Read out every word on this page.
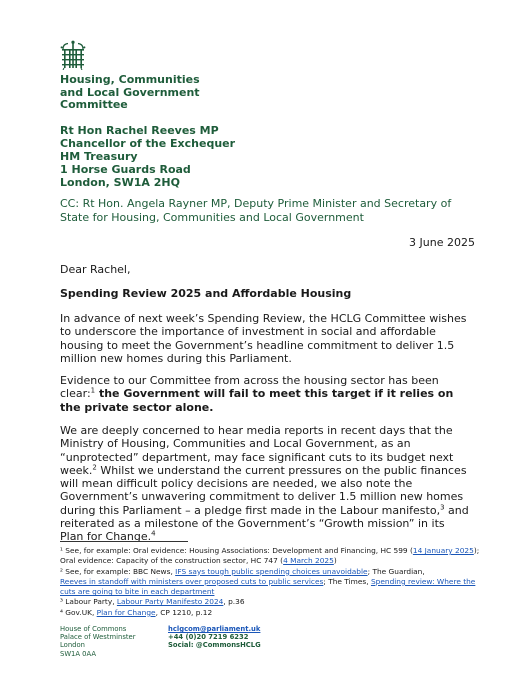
Housing, Communities
and Local Government
Committee
Rt Hon Rachel Reeves MP
Chancellor of the Exchequer
HM Treasury
1 Horse Guards Road
London, SW1A 2HQ
CC: Rt Hon. Angela Rayner MP, Deputy Prime Minister and Secretary of State for Housing, Communities and Local Government
3 June 2025
Dear Rachel,
Spending Review 2025 and Affordable Housing
In advance of next week’s Spending Review, the HCLG Committee wishes to underscore the importance of investment in social and affordable housing to meet the Government’s headline commitment to deliver 1.5 million new homes during this Parliament.
Evidence to our Committee from across the housing sector has been clear:$^1$ the Government will fail to meet this target if it relies on the private sector alone.
We are deeply concerned to hear media reports in recent days that the Ministry of Housing, Communities and Local Government, as an “unprotected” department, may face significant cuts to its budget next week.$^2$ Whilst we understand the current pressures on the public finances will mean difficult policy decisions are needed, we also note the Government’s unwavering commitment to deliver 1.5 million new homes during this Parliament – a pledge first made in the Labour manifesto,$^3$ and reiterated as a milestone of the Government’s “Growth mission” in its Plan for Change.$^4$
¹ See, for example: Oral evidence: Housing Associations: Development and Financing, HC 599 (14 January 2025);
Oral evidence: Capacity of the construction sector, HC 747 (4 March 2025)
² See, for example: BBC News, IFS says tough public spending choices unavoidable; The Guardian,
Reeves in standoff with ministers over proposed cuts to public services; The Times, Spending review: Where the
cuts are going to bite in each department
³ Labour Party, Labour Party Manifesto 2024, p.36
⁴ Gov.UK, Plan for Change, CP 1210, p.12
House of Commons
Palace of Westminster
London
SW1A 0AA
hclgcom@parliament.uk
+44 (0)20 7219 6232
Social: @CommonsHCLG
